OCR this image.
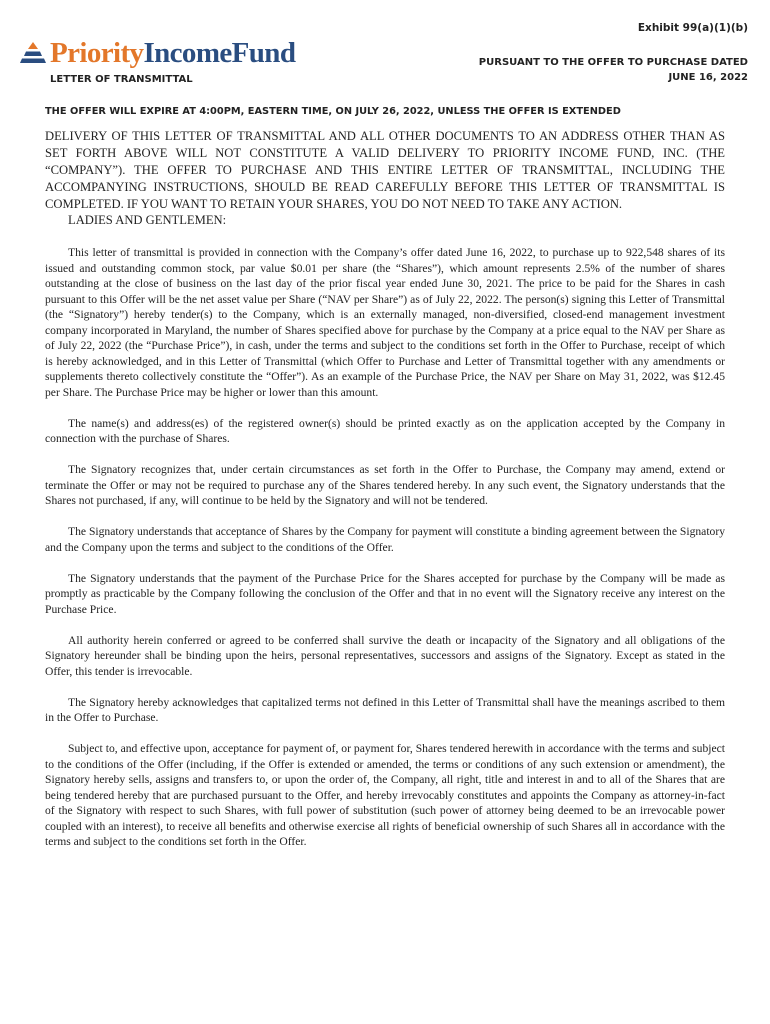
Exhibit 99(a)(1)(b)
PriorityIncomeFund	PURSUANT TO THE OFFER TO PURCHASE DATED
JUNE 16, 2022
LETTER OF TRANSMITTAL
THE OFFER WILL EXPIRE AT 4:00PM, EASTERN TIME, ON JULY 26, 2022, UNLESS THE OFFER IS EXTENDED
DELIVERY OF THIS LETTER OF TRANSMITTAL AND ALL OTHER DOCUMENTS TO AN ADDRESS OTHER THAN AS SET FORTH ABOVE WILL NOT CONSTITUTE A VALID DELIVERY TO PRIORITY INCOME FUND, INC. (THE “COMPANY”). THE OFFER TO PURCHASE AND THIS ENTIRE LETTER OF TRANSMITTAL, INCLUDING THE ACCOMPANYING INSTRUCTIONS, SHOULD BE READ CAREFULLY BEFORE THIS LETTER OF TRANSMITTAL IS COMPLETED. IF YOU WANT TO RETAIN YOUR SHARES, YOU DO NOT NEED TO TAKE ANY ACTION.
LADIES AND GENTLEMEN:

This letter of transmittal is provided in connection with the Company’s offer dated June 16, 2022, to purchase up to 922,548 shares of its issued and outstanding common stock, par value $0.01 per share (the “Shares”), which amount represents 2.5% of the number of shares outstanding at the close of business on the last day of the prior fiscal year ended June 30, 2021. The price to be paid for the Shares in cash pursuant to this Offer will be the net asset value per Share (“NAV per Share”) as of July 22, 2022. The person(s) signing this Letter of Transmittal (the “Signatory”) hereby tender(s) to the Company, which is an externally managed, non-diversified, closed-end management investment company incorporated in Maryland, the number of Shares specified above for purchase by the Company at a price equal to the NAV per Share as of July 22, 2022 (the “Purchase Price”), in cash, under the terms and subject to the conditions set forth in the Offer to Purchase, receipt of which is hereby acknowledged, and in this Letter of Transmittal (which Offer to Purchase and Letter of Transmittal together with any amendments or supplements thereto collectively constitute the “Offer”). As an example of the Purchase Price, the NAV per Share on May 31, 2022, was $12.45 per Share. The Purchase Price may be higher or lower than this amount.

The name(s) and address(es) of the registered owner(s) should be printed exactly as on the application accepted by the Company in connection with the purchase of Shares.

The Signatory recognizes that, under certain circumstances as set forth in the Offer to Purchase, the Company may amend, extend or terminate the Offer or may not be required to purchase any of the Shares tendered hereby. In any such event, the Signatory understands that the Shares not purchased, if any, will continue to be held by the Signatory and will not be tendered.

The Signatory understands that acceptance of Shares by the Company for payment will constitute a binding agreement between the Signatory and the Company upon the terms and subject to the conditions of the Offer.

The Signatory understands that the payment of the Purchase Price for the Shares accepted for purchase by the Company will be made as promptly as practicable by the Company following the conclusion of the Offer and that in no event will the Signatory receive any interest on the Purchase Price.

All authority herein conferred or agreed to be conferred shall survive the death or incapacity of the Signatory and all obligations of the Signatory hereunder shall be binding upon the heirs, personal representatives, successors and assigns of the Signatory. Except as stated in the Offer, this tender is irrevocable.

The Signatory hereby acknowledges that capitalized terms not defined in this Letter of Transmittal shall have the meanings ascribed to them in the Offer to Purchase.

Subject to, and effective upon, acceptance for payment of, or payment for, Shares tendered herewith in accordance with the terms and subject to the conditions of the Offer (including, if the Offer is extended or amended, the terms or conditions of any such extension or amendment), the Signatory hereby sells, assigns and transfers to, or upon the order of, the Company, all right, title and interest in and to all of the Shares that are being tendered hereby that are purchased pursuant to the Offer, and hereby irrevocably constitutes and appoints the Company as attorney-in-fact of the Signatory with respect to such Shares, with full power of substitution (such power of attorney being deemed to be an irrevocable power coupled with an interest), to receive all benefits and otherwise exercise all rights of beneficial ownership of such Shares all in accordance with the terms and subject to the conditions set forth in the Offer.
